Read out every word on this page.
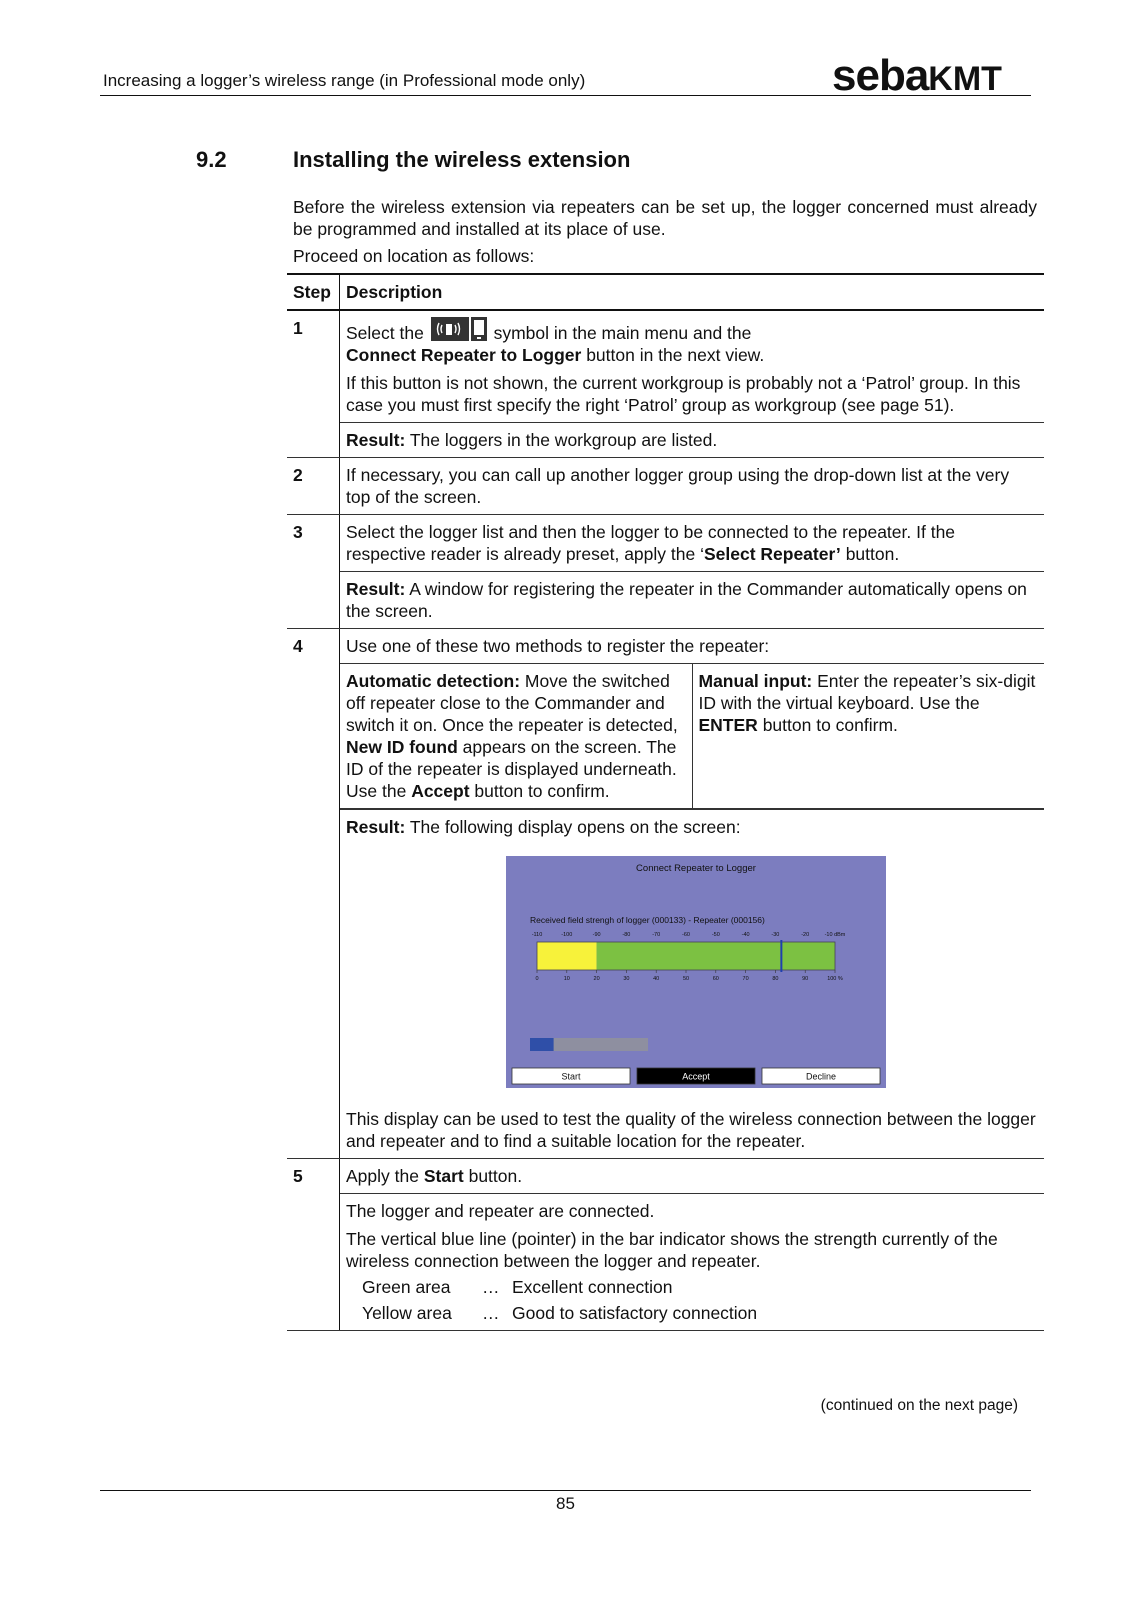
Increasing a logger’s wireless range (in Professional mode only)	sebaKMT
9.2	Installing the wireless extension

Before the wireless extension via repeaters can be set up, the logger concerned must already be programmed and installed at its place of use.

Proceed on location as follows:

Step	Description
1	Select the	symbol in the main menu and the
Connect Repeater to Logger button in the next view.
If this button is not shown, the current workgroup is probably not a ‘Patrol’ group. In this case you must first specify the right ‘Patrol’ group as workgroup (see page 51).

	Result: The loggers in the workgroup are listed.
2	If necessary, you can call up another logger group using the drop-down list at the very top of the screen.
3	Select the logger list and then the logger to be connected to the repeater. If the respective reader is already preset, apply the ‘Select Repeater’ button.
	Result: A window for registering the repeater in the Commander automatically opens on the screen.
4	Use one of these two methods to register the repeater:

Automatic detection: Move the switched off repeater close to the Commander and switch it on. Once the repeater is detected, New ID found appears on the screen. The ID of the repeater is displayed underneath. Use the Accept button to confirm.	Manual input: Enter the repeater’s six-digit ID with the virtual keyboard. Use the ENTER button to confirm.

Result: The following display opens on the screen:
Connect Repeater to Logger
Received field strengh of logger (000133) - Repeater (000156)
-110	-100	-90	-80	-70	-60	-50	-40	-30	-20	-10 dBm
0	10	20	30	40	50	60	70	80	90	100 %
Start	Accept	Decline
This display can be used to test the quality of the wireless connection between the logger and repeater and to find a suitable location for the repeater.

5	Apply the Start button.

The logger and repeater are connected.
The vertical blue line (pointer) in the bar indicator shows the strength currently of the wireless connection between the logger and repeater.
Green area	… Excellent connection
Yellow area	… Good to satisfactory connection
(continued on the next page)
85
